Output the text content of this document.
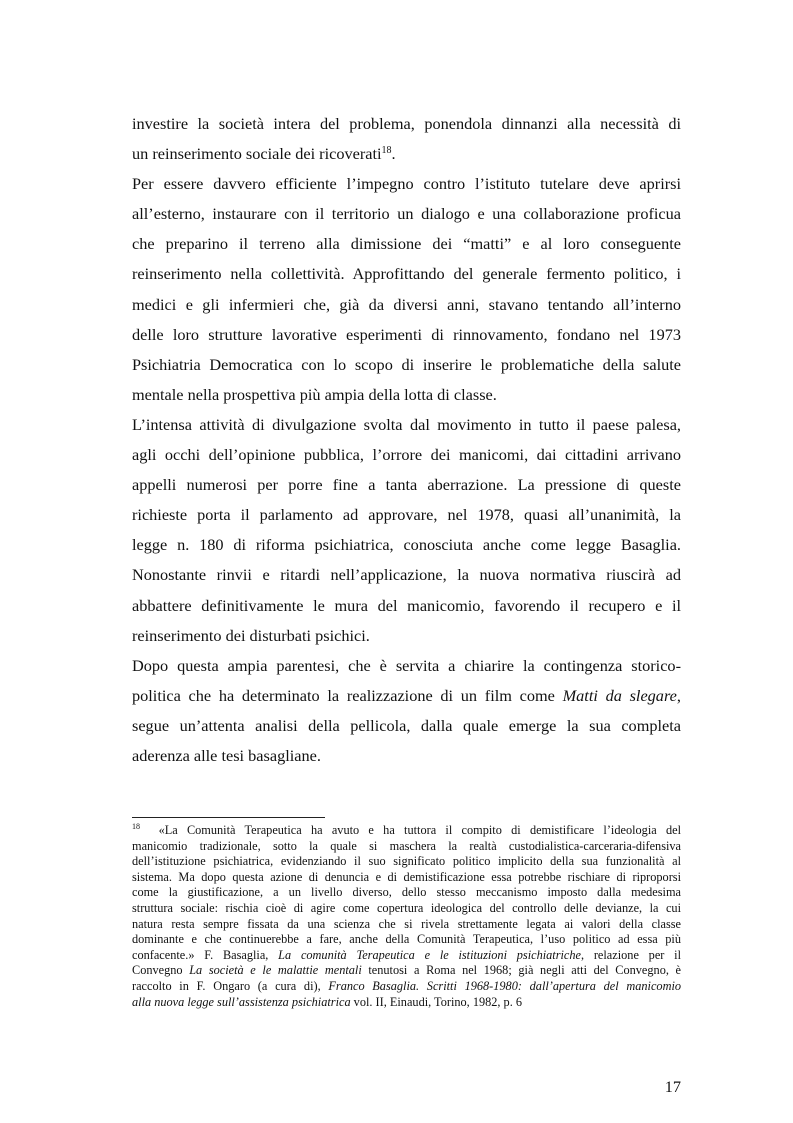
investire la società intera del problema, ponendola dinnanzi alla necessità di
un reinserimento sociale dei ricoverati$^{18}$.
Per essere davvero efficiente l’impegno contro l’istituto tutelare deve aprirsi
all’esterno, instaurare con il territorio un dialogo e una collaborazione proficua
che preparino il terreno alla dimissione dei “matti” e al loro conseguente
reinserimento nella collettività. Approfittando del generale fermento politico, i
medici e gli infermieri che, già da diversi anni, stavano tentando all’interno
delle loro strutture lavorative esperimenti di rinnovamento, fondano nel 1973
Psichiatria Democratica con lo scopo di inserire le problematiche della salute
mentale nella prospettiva più ampia della lotta di classe.
L’intensa attività di divulgazione svolta dal movimento in tutto il paese palesa,
agli occhi dell’opinione pubblica, l’orrore dei manicomi, dai cittadini arrivano
appelli numerosi per porre fine a tanta aberrazione. La pressione di queste
richieste porta il parlamento ad approvare, nel 1978, quasi all’unanimità, la
legge n. 180 di riforma psichiatrica, conosciuta anche come legge Basaglia.
Nonostante rinvii e ritardi nell’applicazione, la nuova normativa riuscirà ad
abbattere definitivamente le mura del manicomio, favorendo il recupero e il
reinserimento dei disturbati psichici.
Dopo questa ampia parentesi, che è servita a chiarire la contingenza storico-
politica che ha determinato la realizzazione di un film come Matti da slegare,
segue un’attenta analisi della pellicola, dalla quale emerge la sua completa
aderenza alle tesi basagliane.
$^{18}$ «La Comunità Terapeutica ha avuto e ha tuttora il compito di demistificare l’ideologia del
manicomio tradizionale, sotto la quale si maschera la realtà custodialistica-carceraria-difensiva
dell’istituzione psichiatrica, evidenziando il suo significato politico implicito della sua funzionalità al
sistema. Ma dopo questa azione di denuncia e di demistificazione essa potrebbe rischiare di riproporsi
come la giustificazione, a un livello diverso, dello stesso meccanismo imposto dalla medesima
struttura sociale: rischia cioè di agire come copertura ideologica del controllo delle devianze, la cui
natura resta sempre fissata da una scienza che si rivela strettamente legata ai valori della classe
dominante e che continuerebbe a fare, anche della Comunità Terapeutica, l’uso politico ad essa più
confacente.» F. Basaglia, La comunità Terapeutica e le istituzioni psichiatriche, relazione per il
Convegno La società e le malattie mentali tenutosi a Roma nel 1968; già negli atti del Convegno, è
raccolto in F. Ongaro (a cura di), Franco Basaglia. Scritti 1968-1980: dall’apertura del manicomio
alla nuova legge sull’assistenza psichiatrica vol. II, Einaudi, Torino, 1982, p. 6
17
